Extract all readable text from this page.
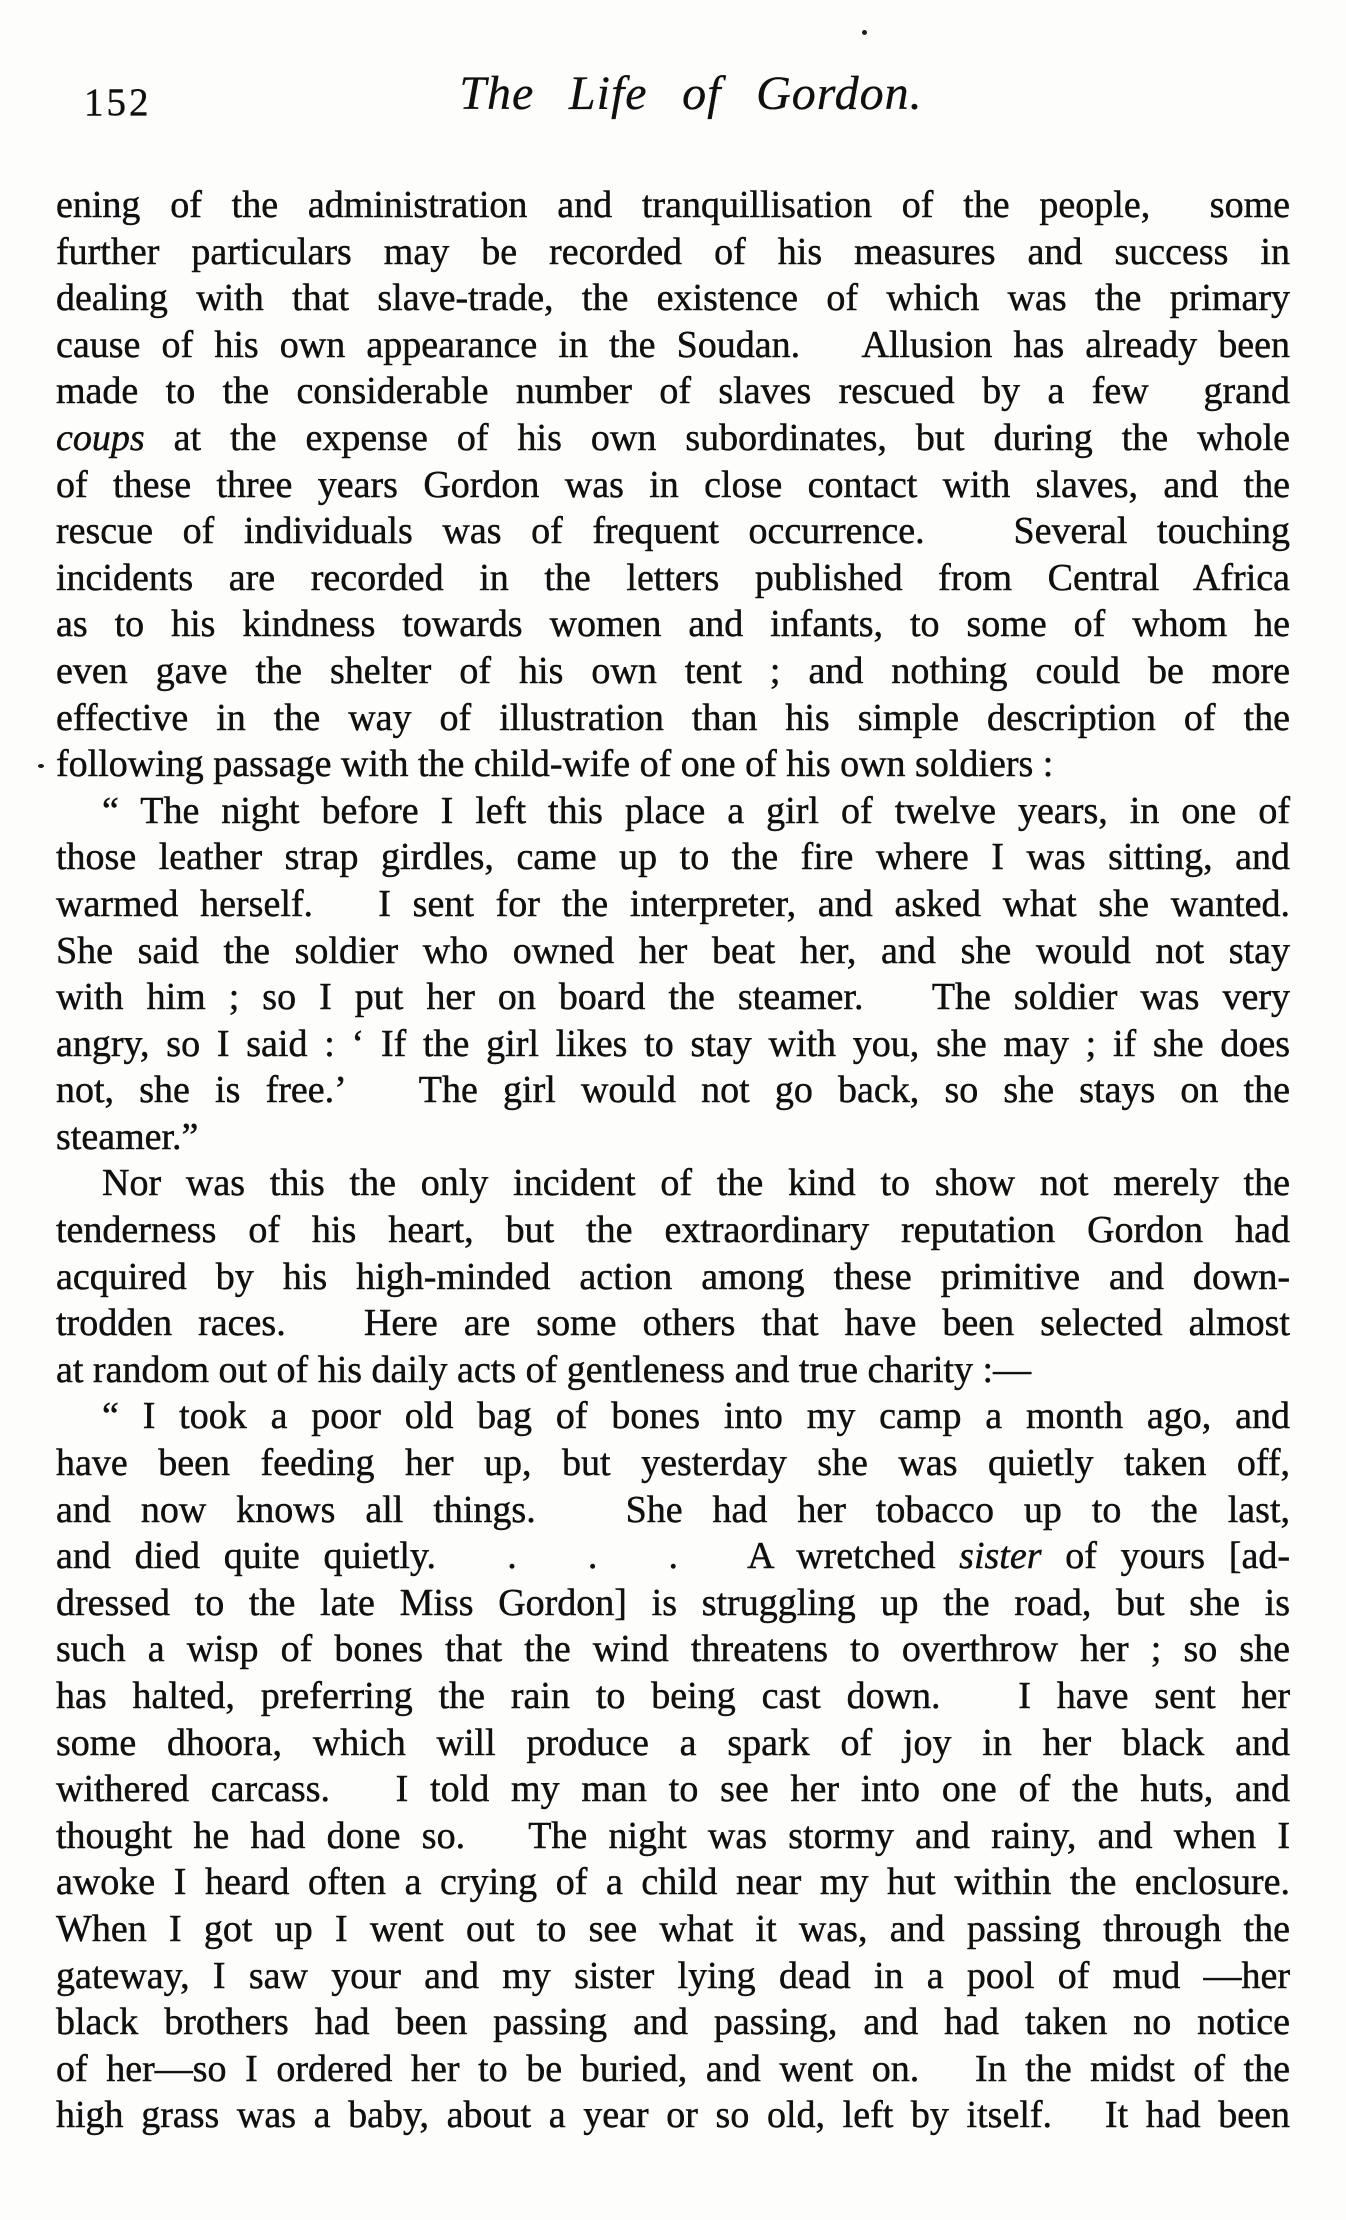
152	The Life of Gordon.
ening of the administration and tranquillisation of the people,  some
further particulars may be recorded of his measures and success in
dealing with that slave-trade, the existence of which was the primary
cause of his own appearance in the Soudan.   Allusion has already been
made to the considerable number of slaves rescued by a few  grand
coups at the expense of his own subordinates, but during the whole
of these three years Gordon was in close contact with slaves, and the
rescue of individuals was of frequent occurrence.   Several touching
incidents are recorded in the letters published from Central Africa
as to his kindness towards women and infants, to some of whom he
even gave the shelter of his own tent ; and nothing could be more
effective in the way of illustration than his simple description of the
following passage with the child-wife of one of his own soldiers :
“ The night before I left this place a girl of twelve years, in one of
those leather strap girdles, came up to the fire where I was sitting, and
warmed herself.   I sent for the interpreter, and asked what she wanted.
She said the soldier who owned her beat her, and she would not stay
with him ; so I put her on board the steamer.   The soldier was very
angry, so I said : ‘ If the girl likes to stay with you, she may ; if she does
not, she is free.’   The girl would not go back, so she stays on the
steamer.”
Nor was this the only incident of the kind to show not merely the
tenderness of his heart, but the extraordinary reputation Gordon had
acquired by his high-minded action among these primitive and down-
trodden races.   Here are some others that have been selected almost
at random out of his daily acts of gentleness and true charity :—
“ I took a poor old bag of bones into my camp a month ago, and
have been feeding her up, but yesterday she was quietly taken off,
and now knows all things.   She had her tobacco up to the last,
and died quite quietly.   .   .   .   A wretched sister of yours [ad-
dressed to the late Miss Gordon] is struggling up the road, but she is
such a wisp of bones that the wind threatens to overthrow her ; so she
has halted, preferring the rain to being cast down.   I have sent her
some dhoora, which will produce a spark of joy in her black and
withered carcass.   I told my man to see her into one of the huts, and
thought he had done so.   The night was stormy and rainy, and when I
awoke I heard often a crying of a child near my hut within the enclosure.
When I got up I went out to see what it was, and passing through the
gateway, I saw your and my sister lying dead in a pool of mud —her
black brothers had been passing and passing, and had taken no notice
of her—so I ordered her to be buried, and went on.   In the midst of the
high grass was a baby, about a year or so old, left by itself.   It had been
